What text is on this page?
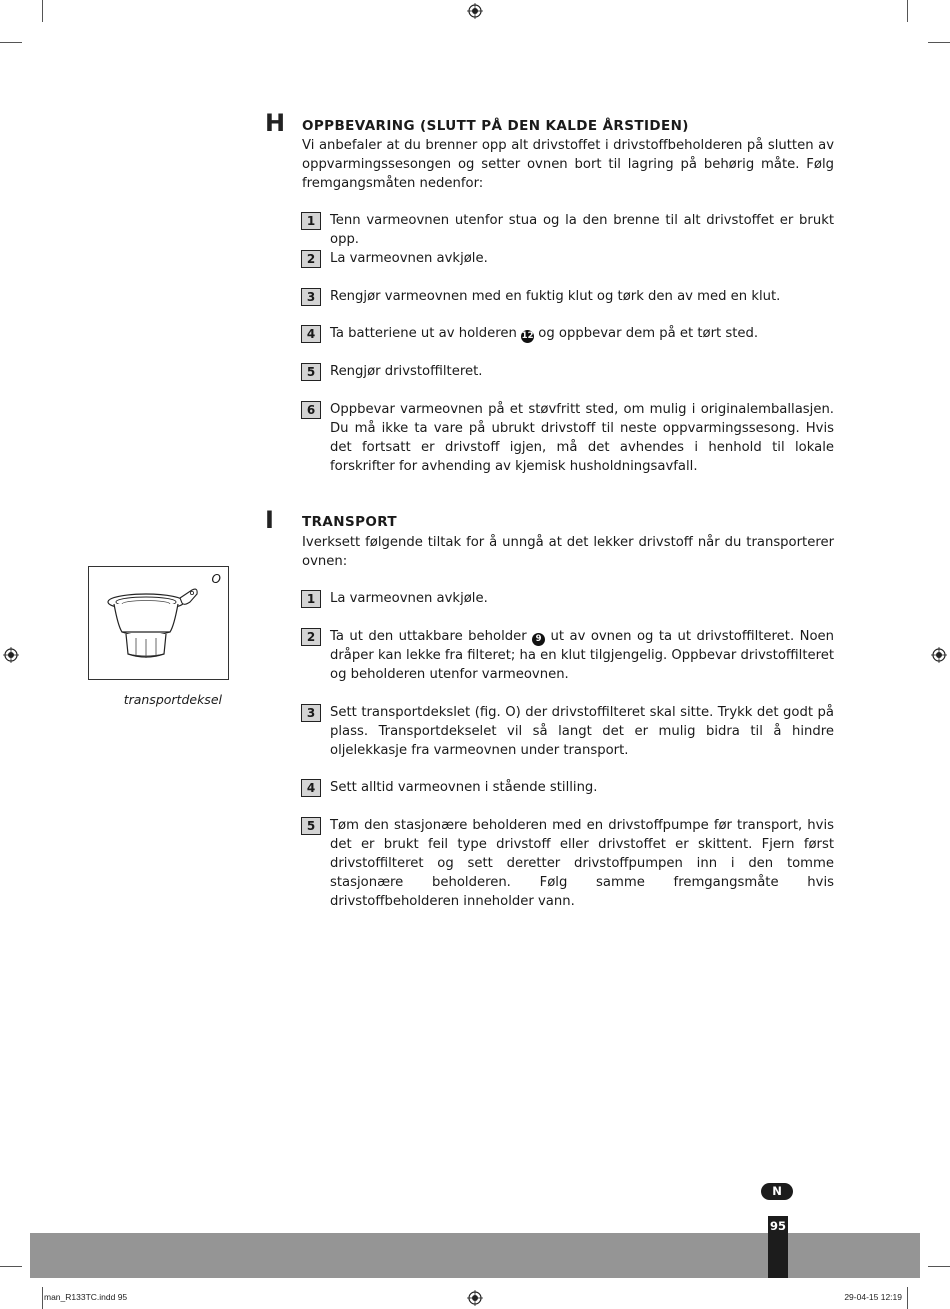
H OPPBEVARING (SLUTT PÅ DEN KALDE ÅRSTIDEN)
Vi anbefaler at du brenner opp alt drivstoffet i drivstoffbeholderen på slutten av oppvarmingssesongen og setter ovnen bort til lagring på behørig måte. Følg fremgangsmåten nedenfor:
1	Tenn varmeovnen utenfor stua og la den brenne til alt drivstoffet er brukt opp.
2	La varmeovnen avkjøle.
3	Rengjør varmeovnen med en fuktig klut og tørk den av med en klut.
4	Ta batteriene ut av holderen 12 og oppbevar dem på et tørt sted.
5	Rengjør drivstoffilteret.
6	Oppbevar varmeovnen på et støvfritt sted, om mulig i originalemballasjen. Du må ikke ta vare på ubrukt drivstoff til neste oppvarmingssesong. Hvis det fortsatt er drivstoff igjen, må det avhendes i henhold til lokale forskrifter for avhending av kjemisk husholdningsavfall.
I TRANSPORT
Iverksett følgende tiltak for å unngå at det lekker drivstoff når du transporterer ovnen:
1	La varmeovnen avkjøle.
2	Ta ut den uttakbare beholder 9 ut av ovnen og ta ut drivstoffilteret. Noen dråper kan lekke fra filteret; ha en klut tilgjengelig. Oppbevar drivstoffilteret og beholderen utenfor varmeovnen.
3	Sett transportdekslet (fig. O) der drivstoffilteret skal sitte. Trykk det godt på plass. Transportdekselet vil så langt det er mulig bidra til å hindre oljelekkasje fra varmeovnen under transport.
4	Sett alltid varmeovnen i stående stilling.
5	Tøm den stasjonære beholderen med en drivstoffpumpe før transport, hvis det er brukt feil type drivstoff eller drivstoffet er skittent. Fjern først drivstoffilteret og sett deretter drivstoffpumpen inn i den tomme stasjonære beholderen. Følg samme fremgangsmåte hvis drivstoffbeholderen inneholder vann.
O
transportdeksel
N
95
man_R133TC.indd 95	29-04-15 12:19
